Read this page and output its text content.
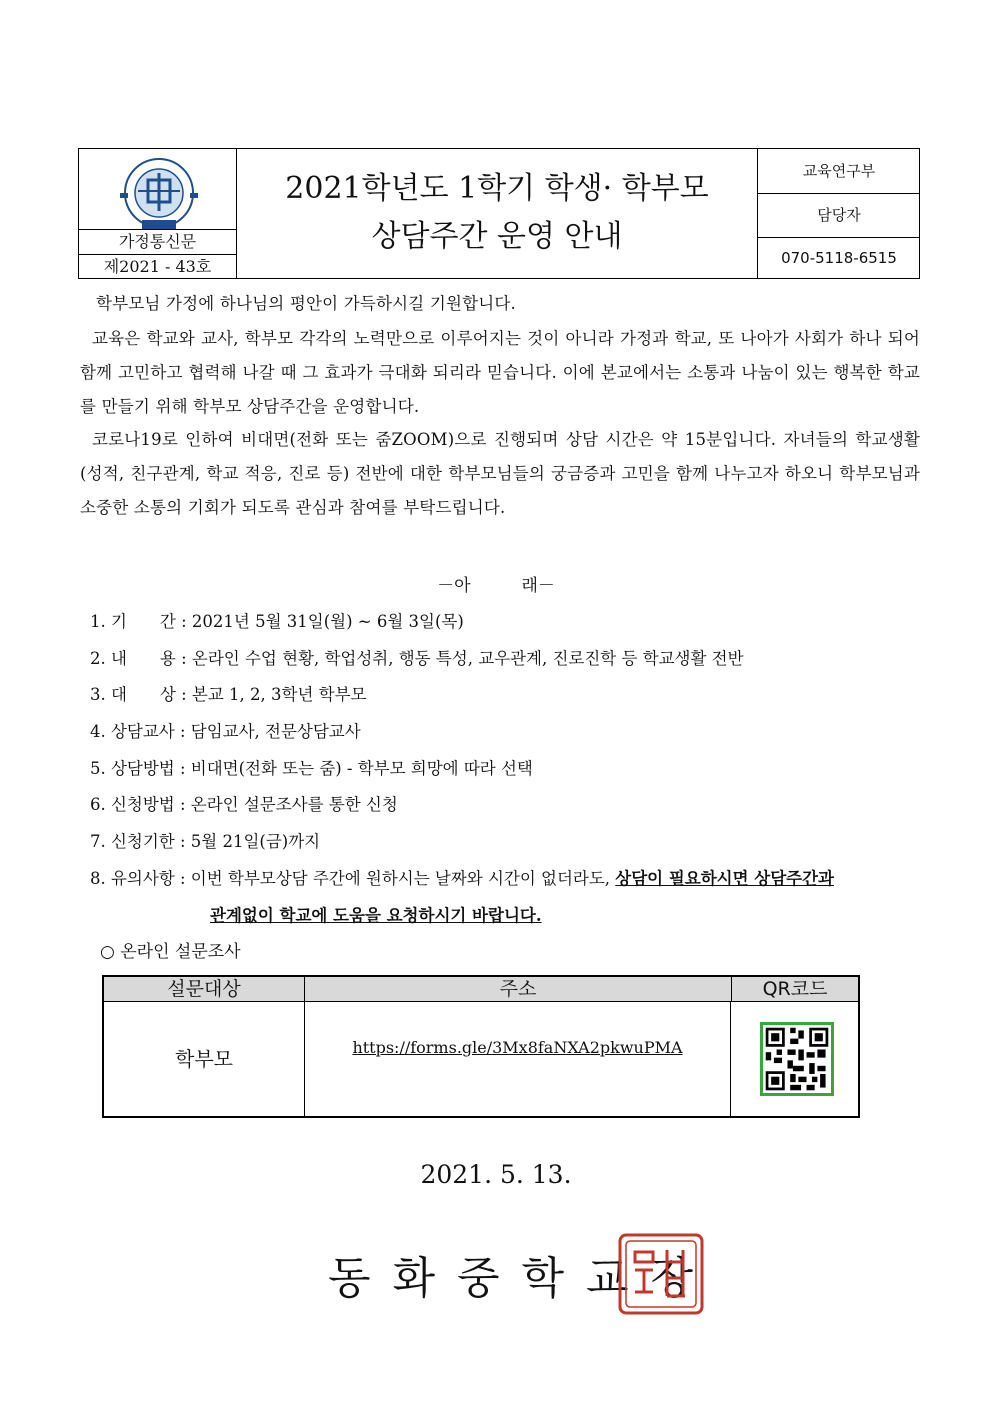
가정통신문
제2021 - 43호
2021학년도 1학기 학생· 학부모
상담주간 운영 안내
교육연구부
담당자
070-5118-6515
학부모님 가정에 하나님의 평안이 가득하시길 기원합니다.
교육은 학교와 교사, 학부모 각각의 노력만으로 이루어지는 것이 아니라 가정과 학교, 또 나아가 사회가 하나 되어 함께 고민하고 협력해 나갈 때 그 효과가 극대화 되리라 믿습니다. 이에 본교에서는 소통과 나눔이 있는 행복한 학교를 만들기 위해 학부모 상담주간을 운영합니다.
코로나19로 인하여 비대면(전화 또는 줌ZOOM)으로 진행되며 상담 시간은 약 15분입니다. 자녀들의 학교생활(성적, 친구관계, 학교 적응, 진로 등) 전반에 대한 학부모님들의 궁금증과 고민을 함께 나누고자 하오니 학부모님과 소중한 소통의 기회가 되도록 관심과 참여를 부탁드립니다.
－아　　　래－
1. 기　　간 : 2021년 5월 31일(월) ~ 6월 3일(목)
2. 내　　용 : 온라인 수업 현황, 학업성취, 행동 특성, 교우관계, 진로진학 등 학교생활 전반
3. 대　　상 : 본교 1, 2, 3학년 학부모
4. 상담교사 : 담임교사, 전문상담교사
5. 상담방법 : 비대면(전화 또는 줌) - 학부모 희망에 따라 선택
6. 신청방법 : 온라인 설문조사를 통한 신청
7. 신청기한 : 5월 21일(금)까지
8. 유의사항 : 이번 학부모상담 주간에 원하시는 날짜와 시간이 없더라도, 상담이 필요하시면 상담주간과
관계없이 학교에 도움을 요청하시기 바랍니다.
○ 온라인 설문조사
설문대상	주소	QR코드
학부모	https://forms.gle/3Mx8faNXA2pkwuPMA
2021. 5. 13.
동화중학교장
